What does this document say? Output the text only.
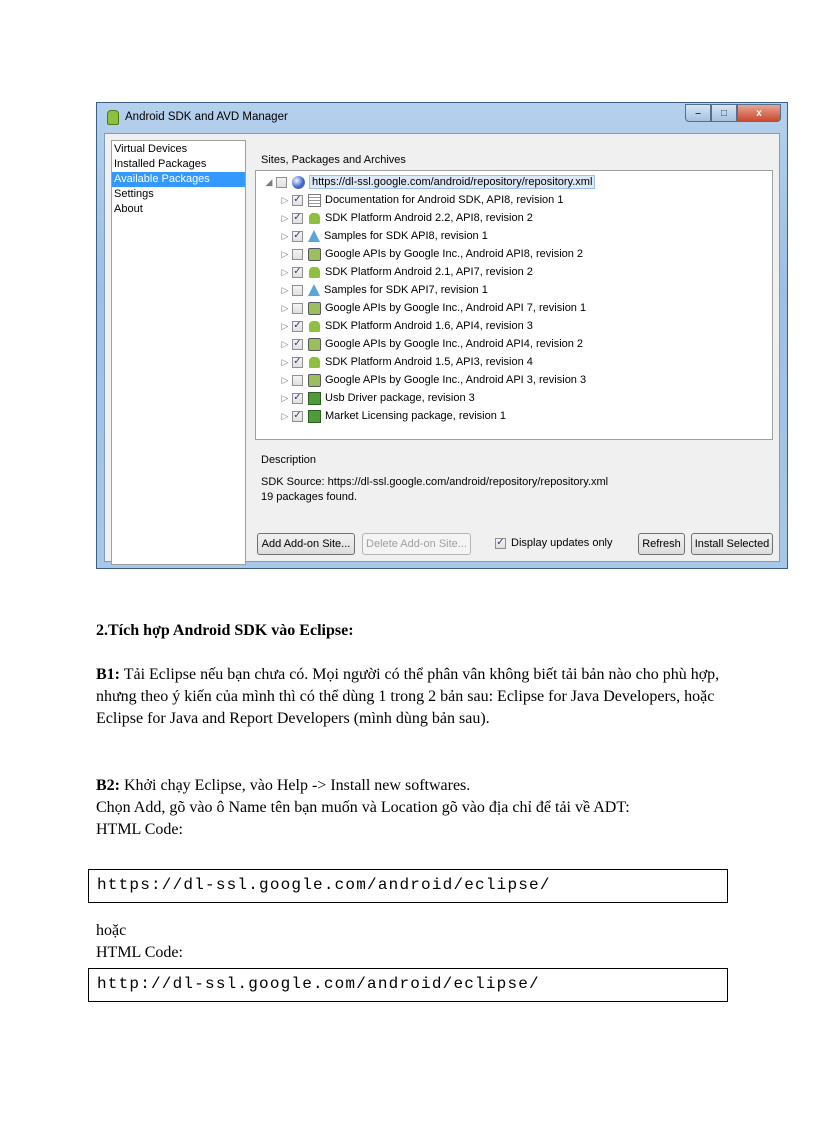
Android SDK and AVD Manager	–	□	x
Virtual Devices
Installed Packages
Available Packages
Settings
About
Sites, Packages and Archives
◢	https://dl-ssl.google.com/android/repository/repository.xml
▷ ✓ Documentation for Android SDK, API8, revision 1
▷ ✓ SDK Platform Android 2.2, API8, revision 2
▷ ✓ Samples for SDK API8, revision 1
▷	Google APIs by Google Inc., Android API8, revision 2
▷ ✓ SDK Platform Android 2.1, API7, revision 2
▷	Samples for SDK API7, revision 1
▷	Google APIs by Google Inc., Android API 7, revision 1
▷ ✓ SDK Platform Android 1.6, API4, revision 3
▷ ✓ Google APIs by Google Inc., Android API4, revision 2
▷ ✓ SDK Platform Android 1.5, API3, revision 4
▷	Google APIs by Google Inc., Android API 3, revision 3
▷ ✓ Usb Driver package, revision 3
▷ ✓ Market Licensing package, revision 1
Description
SDK Source: https://dl-ssl.google.com/android/repository/repository.xml
19 packages found.
Add Add-on Site...	Delete Add-on Site...	✓ Display updates only	Refresh	Install Selected
2.Tích hợp Android SDK vào Eclipse:
B1: Tải Eclipse nếu bạn chưa có. Mọi người có thể phân vân không biết tải bản nào cho phù hợp, nhưng theo ý kiến của mình thì có thể dùng 1 trong 2 bản sau: Eclipse for Java Developers, hoặc Eclipse for Java and Report Developers (mình dùng bản sau).
B2: Khởi chạy Eclipse, vào Help -> Install new softwares.
Chọn Add, gõ vào ô Name tên bạn muốn và Location gõ vào địa chỉ để tải về ADT:
HTML Code:
https://dl-ssl.google.com/android/eclipse/
hoặc
HTML Code:
http://dl-ssl.google.com/android/eclipse/
